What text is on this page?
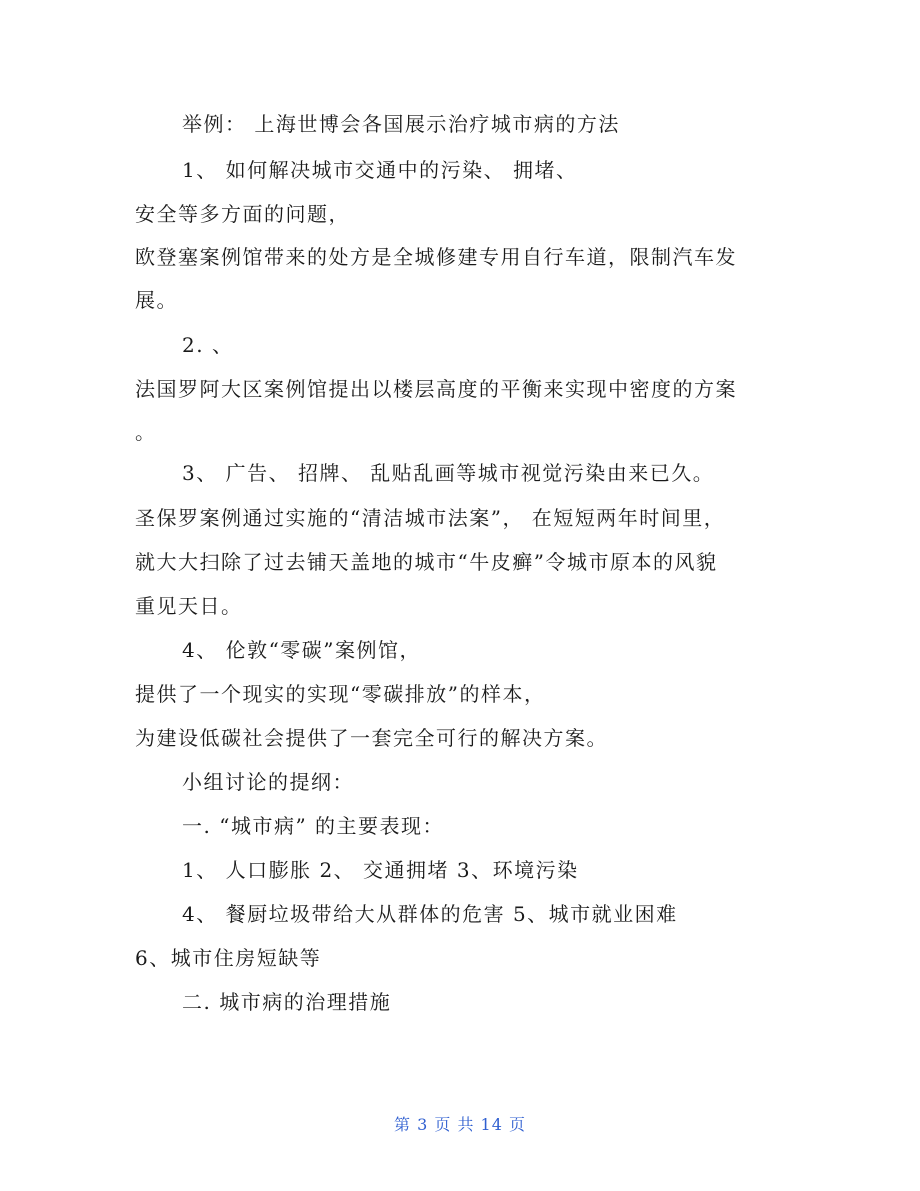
举例： 上海世博会各国展示治疗城市病的方法
1、 如何解决城市交通中的污染、 拥堵、
安全等多方面的问题，
欧登塞案例馆带来的处方是全城修建专用自行车道，限制汽车发
展。
2. 、
法国罗阿大区案例馆提出以楼层高度的平衡来实现中密度的方案
。
3、 广告、 招牌、 乱贴乱画等城市视觉污染由来已久。
圣保罗案例通过实施的“清洁城市法案”， 在短短两年时间里，
就大大扫除了过去铺天盖地的城市“牛皮癣”令城市原本的风貌
重见天日。
4、 伦敦“零碳”案例馆，
提供了一个现实的实现“零碳排放”的样本，
为建设低碳社会提供了一套完全可行的解决方案。
小组讨论的提纲：
一. “城市病” 的主要表现：
1、 人口膨胀 2、 交通拥堵 3、环境污染
4、 餐厨垃圾带给大从群体的危害 5、城市就业困难
6、城市住房短缺等
二. 城市病的治理措施
第 3 页 共 14 页
